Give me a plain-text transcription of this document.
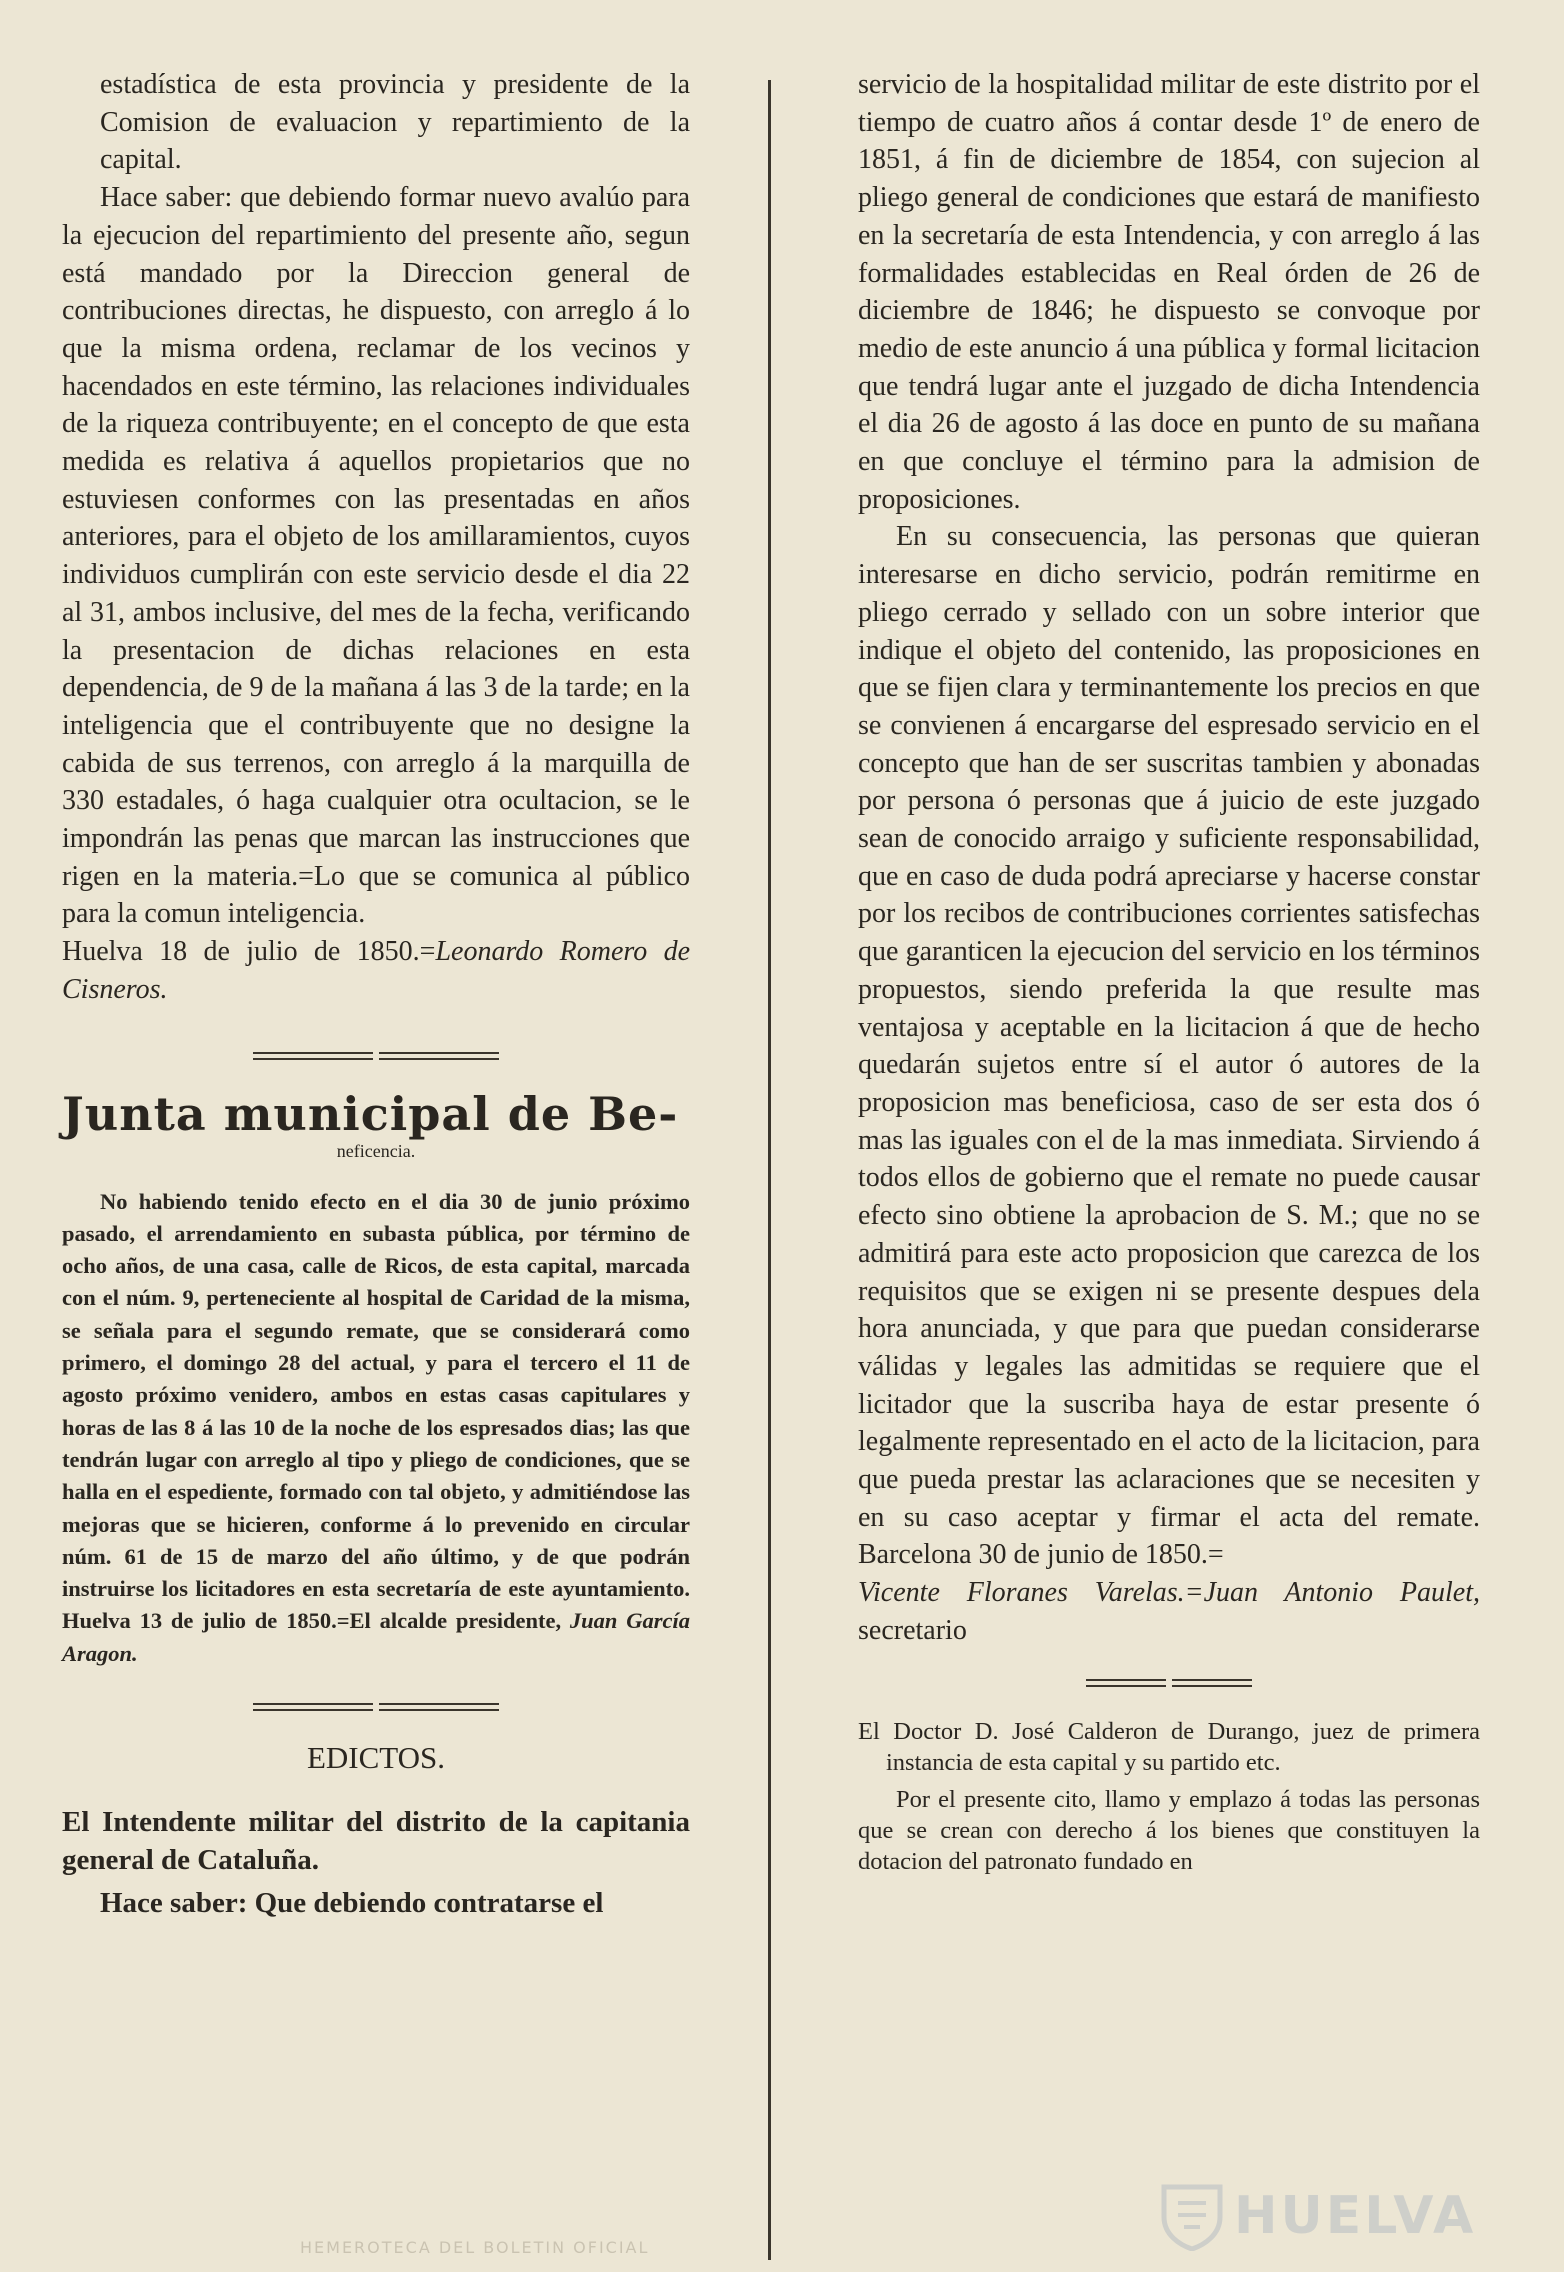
estadística de esta provincia y presidente de la Comision de evaluacion y repartimiento de la capital.

Hace saber: que debiendo formar nuevo avalúo para la ejecucion del repartimiento del presente año, segun está mandado por la Direccion general de contribuciones directas, he dispuesto, con arreglo á lo que la misma ordena, reclamar de los vecinos y hacendados en este término, las relaciones individuales de la riqueza contribuyente; en el concepto de que esta medida es relativa á aquellos propietarios que no estuviesen conformes con las presentadas en años anteriores, para el objeto de los amillaramientos, cuyos individuos cumplirán con este servicio desde el dia 22 al 31, ambos inclusive, del mes de la fecha, verificando la presentacion de dichas relaciones en esta dependencia, de 9 de la mañana á las 3 de la tarde; en la inteligencia que el contribuyente que no designe la cabida de sus terrenos, con arreglo á la marquilla de 330 estadales, ó haga cualquier otra ocultacion, se le impondrán las penas que marcan las instrucciones que rigen en la materia.=Lo que se comunica al público para la comun inteligencia.

Huelva 18 de julio de 1850.=Leonardo Romero de Cisneros.

Junta municipal de Be-

neficencia.

No habiendo tenido efecto en el dia 30 de junio próximo pasado, el arrendamiento en subasta pública, por término de ocho años, de una casa, calle de Ricos, de esta capital, marcada con el núm. 9, perteneciente al hospital de Caridad de la misma, se señala para el segundo remate, que se considerará como primero, el domingo 28 del actual, y para el tercero el 11 de agosto próximo venidero, ambos en estas casas capitulares y horas de las 8 á las 10 de la noche de los espresados dias; las que tendrán lugar con arreglo al tipo y pliego de condiciones, que se halla en el espediente, formado con tal objeto, y admitiéndose las mejoras que se hicieren, conforme á lo prevenido en circular núm. 61 de 15 de marzo del año último, y de que podrán instruirse los licitadores en esta secretaría de este ayuntamiento. Huelva 13 de julio de 1850.=El alcalde presidente, Juan García Aragon.

EDICTOS.

El Intendente militar del distrito de la capitania general de Cataluña.

Hace saber: Que debiendo contratarse el

servicio de la hospitalidad militar de este distrito por el tiempo de cuatro años á contar desde 1º de enero de 1851, á fin de diciembre de 1854, con sujecion al pliego general de condiciones que estará de manifiesto en la secretaría de esta Intendencia, y con arreglo á las formalidades establecidas en Real órden de 26 de diciembre de 1846; he dispuesto se convoque por medio de este anuncio á una pública y formal licitacion que tendrá lugar ante el juzgado de dicha Intendencia el dia 26 de agosto á las doce en punto de su mañana en que concluye el término para la admision de proposiciones.

En su consecuencia, las personas que quieran interesarse en dicho servicio, podrán remitirme en pliego cerrado y sellado con un sobre interior que indique el objeto del contenido, las proposiciones en que se fijen clara y terminantemente los precios en que se convienen á encargarse del espresado servicio en el concepto que han de ser suscritas tambien y abonadas por persona ó personas que á juicio de este juzgado sean de conocido arraigo y suficiente responsabilidad, que en caso de duda podrá apreciarse y hacerse constar por los recibos de contribuciones corrientes satisfechas que garanticen la ejecucion del servicio en los términos propuestos, siendo preferida la que resulte mas ventajosa y aceptable en la licitacion á que de hecho quedarán sujetos entre sí el autor ó autores de la proposicion mas beneficiosa, caso de ser esta dos ó mas las iguales con el de la mas inmediata. Sirviendo á todos ellos de gobierno que el remate no puede causar efecto sino obtiene la aprobacion de S. M.; que no se admitirá para este acto proposicion que carezca de los requisitos que se exigen ni se presente despues dela hora anunciada, y que para que puedan considerarse válidas y legales las admitidas se requiere que el licitador que la suscriba haya de estar presente ó legalmente representado en el acto de la licitacion, para que pueda prestar las aclaraciones que se necesiten y en su caso aceptar y firmar el acta del remate. Barcelona 30 de junio de 1850.=
Vicente Floranes Varelas.=Juan Antonio Paulet, secretario

El Doctor D. José Calderon de Durango, juez de primera instancia de esta capital y su partido etc.

Por el presente cito, llamo y emplazo á todas las personas que se crean con derecho á los bienes que constituyen la dotacion del patronato fundado en

HEMEROTECA DEL BOLETIN OFICIAL
HUELVA
